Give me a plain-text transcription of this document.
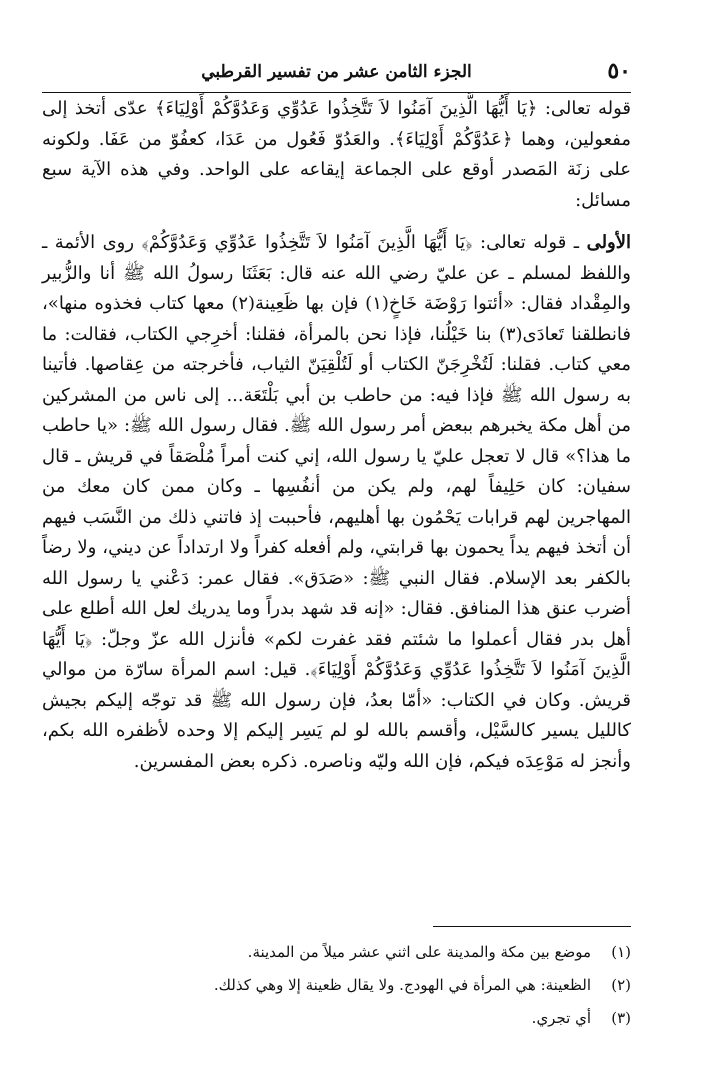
٥٠
الجزء الثامن عشر من تفسير القرطبي

قوله تعالى: ﴿يَا أَيُّهَا الَّذِينَ آمَنُوا لاَ تَتَّخِذُوا عَدُوِّي وَعَدُوَّكُمْ أَوْلِيَاءَ﴾ عدّى أتخذ إلى مفعولين، وهما ﴿عَدُوَّكُمْ أَوْلِيَاءَ﴾. والعَدُوّ فَعُول من عَدَا، كعفُوّ من عَفَا. ولكونه على زنَة المَصدر أوقع على الجماعة إيقاعه على الواحد. وفي هذه الآية سبع مسائل:

الأولى ـ قوله تعالى: ﴿يَا أَيُّهَا الَّذِينَ آمَنُوا لاَ تَتَّخِذُوا عَدُوِّي وَعَدُوَّكُمْ﴾ روى الأئمة ـ واللفظ لمسلم ـ عن عليّ رضي الله عنه قال: بَعَثَنَا رسولُ الله ﷺ أنا والزُّبير والمِقْداد فقال: «أئتوا رَوْضَة خَاخٍ(١) فإن بها ظَعِينة(٢) معها كتاب فخذوه منها»، فانطلقنا تَعادَى(٣) بنا خَيْلُنا، فإذا نحن بالمرأة، فقلنا: أخرِجي الكتاب، فقالت: ما معي كتاب. فقلنا: لَتُخْرِجَنّ الكتاب أو لَتُلْقِيَنّ الثياب، فأخرجته من عِقاصها. فأتينا به رسول الله ﷺ فإذا فيه: من حاطب بن أبي بَلْتَعَة... إلى ناس من المشركين من أهل مكة يخبرهم ببعض أمر رسول الله ﷺ. فقال رسول الله ﷺ: «يا حاطب ما هذا؟» قال لا تعجل عليّ يا رسول الله، إني كنت أمراً مُلْصَقاً في قريش ـ قال سفيان: كان حَلِيفاً لهم، ولم يكن من أنفُسِها ـ وكان ممن كان معك من المهاجرين لهم قرابات يَحْمُون بها أهليهم، فأحببت إذ فاتني ذلك من النَّسَب فيهم أن أتخذ فيهم يداً يحمون بها قرابتي، ولم أفعله كفراً ولا ارتداداً عن ديني، ولا رضاً بالكفر بعد الإسلام. فقال النبي ﷺ: «صَدَق». فقال عمر: دَعْني يا رسول الله أضرب عنق هذا المنافق. فقال: «إنه قد شهد بدراً وما يدريك لعل الله أطلع على أهل بدر فقال أعملوا ما شئتم فقد غفرت لكم» فأنزل الله عزّ وجلّ: ﴿يَا أَيُّهَا الَّذِينَ آمَنُوا لاَ تَتَّخِذُوا عَدُوِّي وَعَدُوَّكُمْ أَوْلِيَاءَ﴾. قيل: اسم المرأة سارّة من موالي قريش. وكان في الكتاب: «أمّا بعدُ، فإن رسول الله ﷺ قد توجّه إليكم بجيش كالليل يسير كالسَّيْل، وأقسم بالله لو لم يَسِر إليكم إلا وحده لأظفره الله بكم، وأنجز له مَوْعِدَه فيكم، فإن الله وليّه وناصره. ذكره بعض المفسرين.

(١)
موضع بين مكة والمدينة على اثني عشر ميلاً من المدينة.
(٢)
الظعينة: هي المرأة في الهودج. ولا يقال ظعينة إلا وهي كذلك.
(٣)
أي تجري.
